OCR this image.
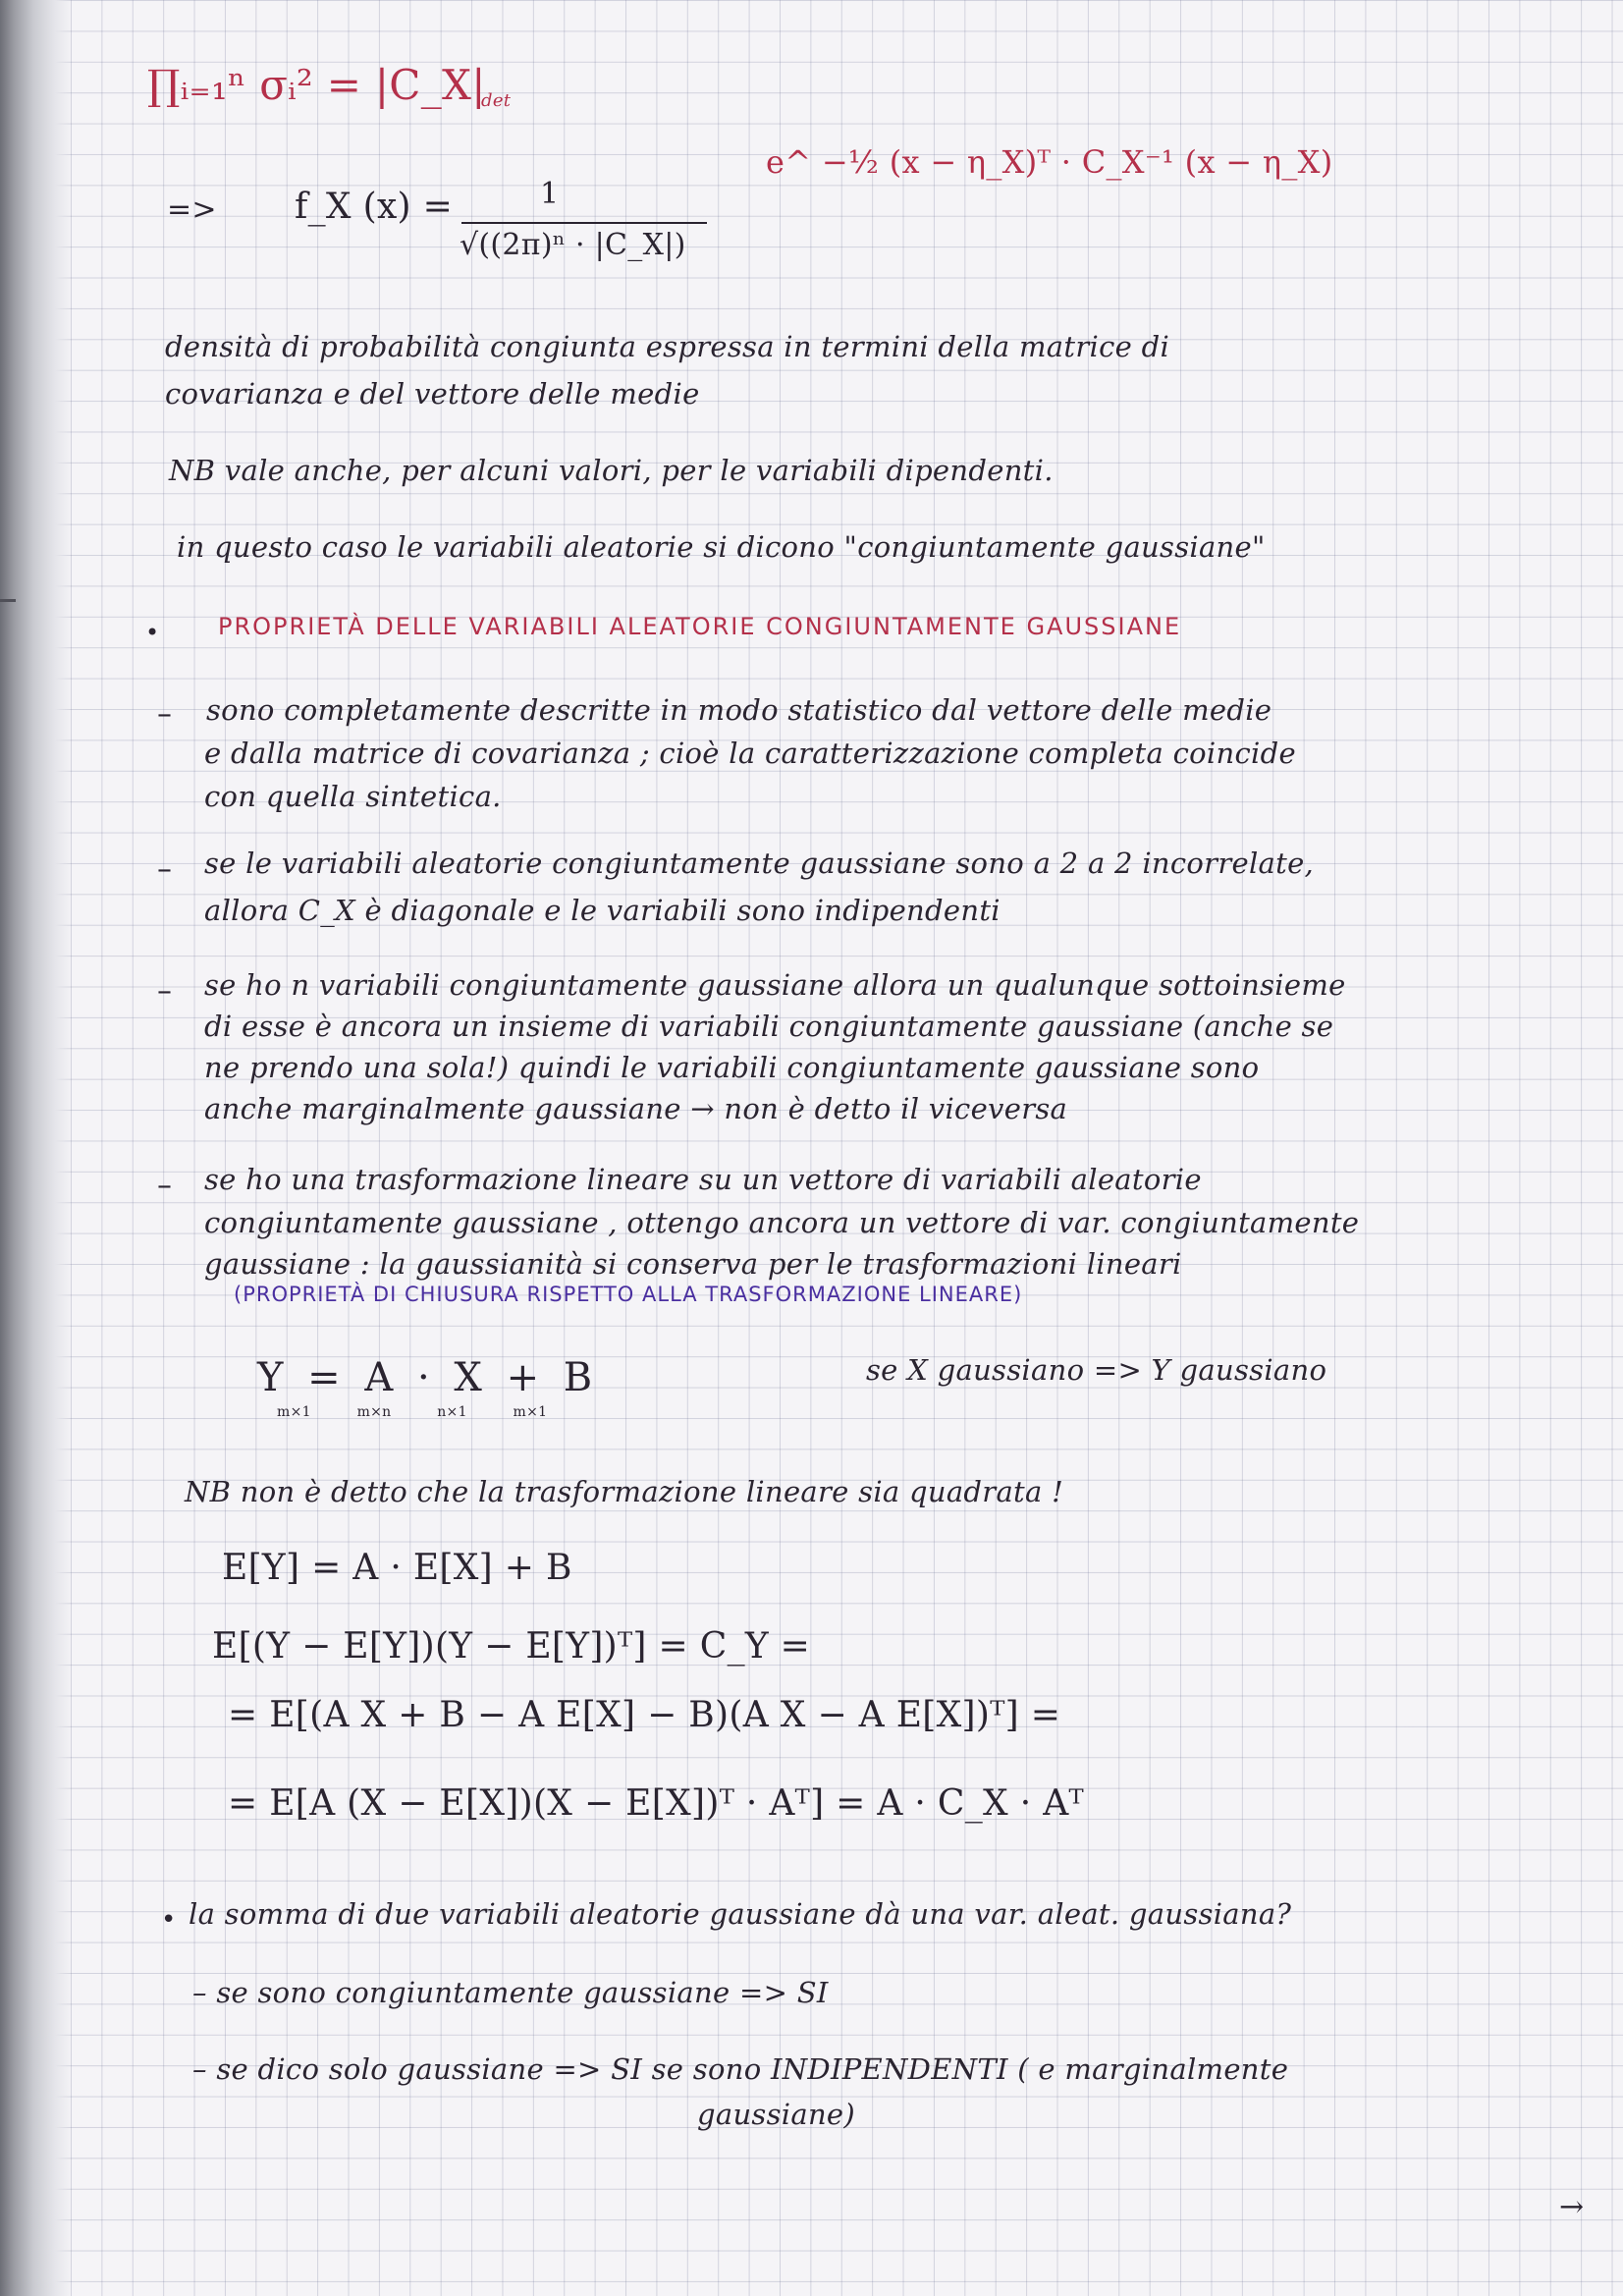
∏ᵢ₌₁ⁿ σᵢ² = |C_X|
det
=> f_X (x) =	1
√((2π)ⁿ · |C_X|)
e^ −½ (x − η_X)ᵀ · C_X⁻¹ (x − η_X)
densità di probabilità congiunta espressa in termini della matrice di
covarianza e del vettore delle medie
NB vale anche, per alcuni valori, per le variabili dipendenti.
in questo caso le variabili aleatorie si dicono "congiuntamente gaussiane"
• PROPRIETÀ DELLE VARIABILI ALEATORIE CONGIUNTAMENTE GAUSSIANE
– sono completamente descritte in modo statistico dal vettore delle medie
e dalla matrice di covarianza ; cioè la caratterizzazione completa coincide
con quella sintetica.
– se le variabili aleatorie congiuntamente gaussiane sono a 2 a 2 incorrelate,
allora C_X è diagonale e le variabili sono indipendenti
– se ho n variabili congiuntamente gaussiane allora un qualunque sottoinsieme
di esse è ancora un insieme di variabili congiuntamente gaussiane (anche se
ne prendo una sola!) quindi le variabili congiuntamente gaussiane sono
anche marginalmente gaussiane → non è detto il viceversa
– se ho una trasformazione lineare su un vettore di variabili aleatorie
congiuntamente gaussiane , ottengo ancora un vettore di var. congiuntamente
gaussiane : la gaussianità si conserva per le trasformazioni lineari
(PROPRIETÀ DI CHIUSURA RISPETTO ALLA TRASFORMAZIONE LINEARE)
Y = A · X + B
m×1 m×n n×1 m×1
se X gaussiano => Y gaussiano
NB non è detto che la trasformazione lineare sia quadrata !
E[Y] = A · E[X] + B
E[(Y − E[Y])(Y − E[Y])ᵀ] = C_Y =
= E[(A X + B − A E[X] − B)(A X − A E[X])ᵀ] =
= E[A (X − E[X])(X − E[X])ᵀ · Aᵀ] = A · C_X · Aᵀ
• la somma di due variabili aleatorie gaussiane dà una var. aleat. gaussiana?
– se sono congiuntamente gaussiane => SI
– se dico solo gaussiane => SI se sono INDIPENDENTI ( e marginalmente
gaussiane)
→
